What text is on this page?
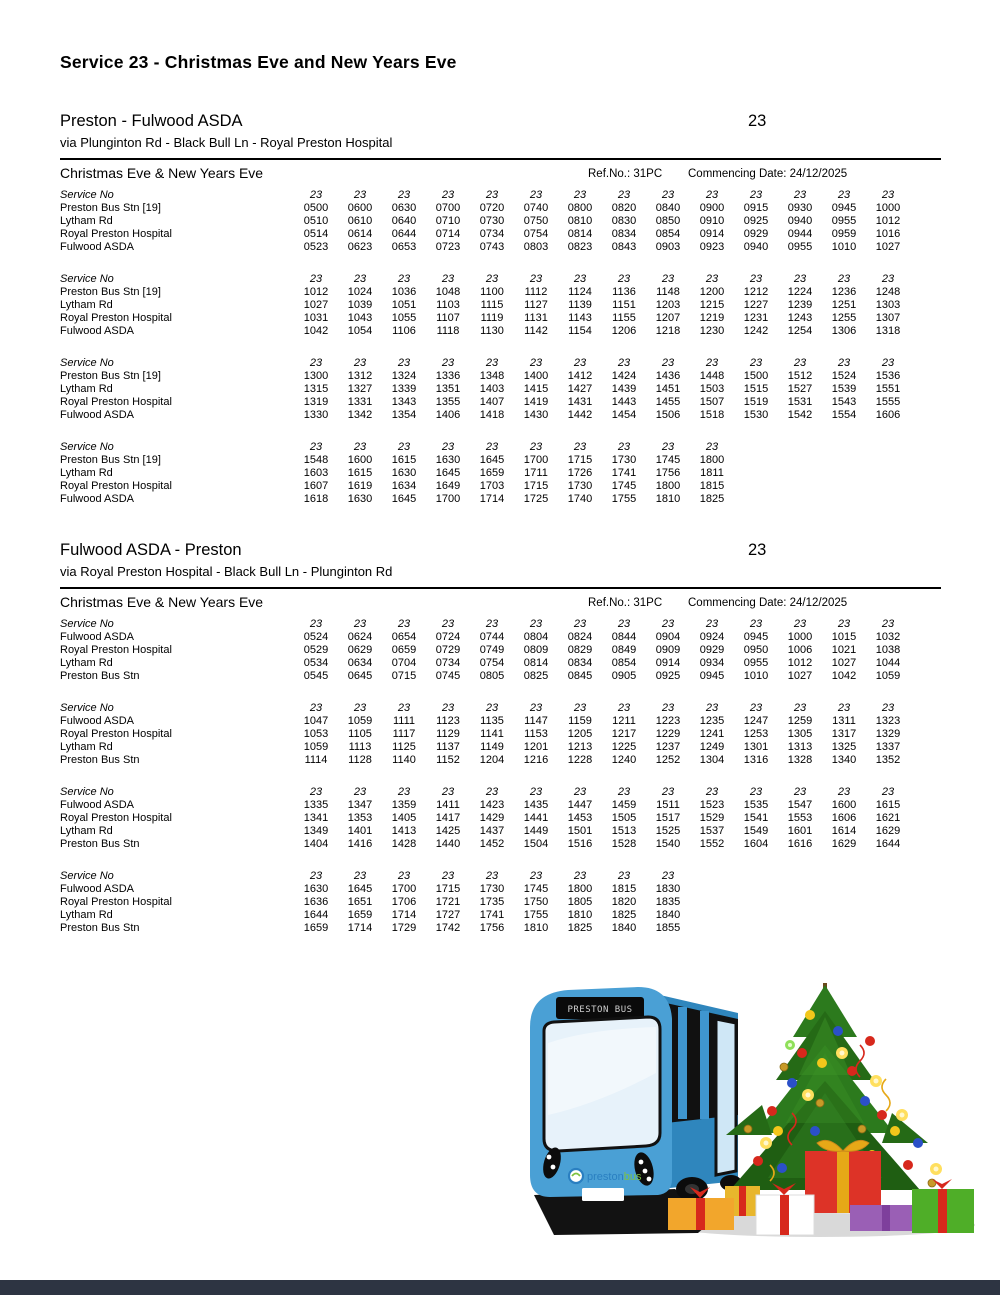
Service 23 - Christmas Eve and New Years Eve
Preston - Fulwood ASDA	23
via Plunginton Rd - Black Bull Ln - Royal Preston Hospital
Christmas Eve & New Years Eve	Ref.No.: 31PC Commencing Date: 24/12/2025
Service No	23	23	23	23	23	23	23	23	23	23	23	23	23	23	
Preston Bus Stn [19]	0500	0600	0630	0700	0720	0740	0800	0820	0840	0900	0915	0930	0945	1000	
Lytham Rd	0510	0610	0640	0710	0730	0750	0810	0830	0850	0910	0925	0940	0955	1012	
Royal Preston Hospital	0514	0614	0644	0714	0734	0754	0814	0834	0854	0914	0929	0944	0959	1016	
Fulwood ASDA	0523	0623	0653	0723	0743	0803	0823	0843	0903	0923	0940	0955	1010	1027	
Service No	23	23	23	23	23	23	23	23	23	23	23	23	23	23	
Preston Bus Stn [19]	1012	1024	1036	1048	1100	1112	1124	1136	1148	1200	1212	1224	1236	1248	
Lytham Rd	1027	1039	1051	1103	1115	1127	1139	1151	1203	1215	1227	1239	1251	1303	
Royal Preston Hospital	1031	1043	1055	1107	1119	1131	1143	1155	1207	1219	1231	1243	1255	1307	
Fulwood ASDA	1042	1054	1106	1118	1130	1142	1154	1206	1218	1230	1242	1254	1306	1318	
Service No	23	23	23	23	23	23	23	23	23	23	23	23	23	23	
Preston Bus Stn [19]	1300	1312	1324	1336	1348	1400	1412	1424	1436	1448	1500	1512	1524	1536	
Lytham Rd	1315	1327	1339	1351	1403	1415	1427	1439	1451	1503	1515	1527	1539	1551	
Royal Preston Hospital	1319	1331	1343	1355	1407	1419	1431	1443	1455	1507	1519	1531	1543	1555	
Fulwood ASDA	1330	1342	1354	1406	1418	1430	1442	1454	1506	1518	1530	1542	1554	1606	
Service No	23	23	23	23	23	23	23	23	23	23					
Preston Bus Stn [19]	1548	1600	1615	1630	1645	1700	1715	1730	1745	1800					
Lytham Rd	1603	1615	1630	1645	1659	1711	1726	1741	1756	1811					
Royal Preston Hospital	1607	1619	1634	1649	1703	1715	1730	1745	1800	1815					
Fulwood ASDA	1618	1630	1645	1700	1714	1725	1740	1755	1810	1825					
Fulwood ASDA - Preston	23
via Royal Preston Hospital - Black Bull Ln - Plunginton Rd
Christmas Eve & New Years Eve	Ref.No.: 31PC Commencing Date: 24/12/2025
Service No	23	23	23	23	23	23	23	23	23	23	23	23	23	23	
Fulwood ASDA	0524	0624	0654	0724	0744	0804	0824	0844	0904	0924	0945	1000	1015	1032	
Royal Preston Hospital	0529	0629	0659	0729	0749	0809	0829	0849	0909	0929	0950	1006	1021	1038	
Lytham Rd	0534	0634	0704	0734	0754	0814	0834	0854	0914	0934	0955	1012	1027	1044	
Preston Bus Stn	0545	0645	0715	0745	0805	0825	0845	0905	0925	0945	1010	1027	1042	1059	
Service No	23	23	23	23	23	23	23	23	23	23	23	23	23	23	
Fulwood ASDA	1047	1059	1111	1123	1135	1147	1159	1211	1223	1235	1247	1259	1311	1323	
Royal Preston Hospital	1053	1105	1117	1129	1141	1153	1205	1217	1229	1241	1253	1305	1317	1329	
Lytham Rd	1059	1113	1125	1137	1149	1201	1213	1225	1237	1249	1301	1313	1325	1337	
Preston Bus Stn	1114	1128	1140	1152	1204	1216	1228	1240	1252	1304	1316	1328	1340	1352	
Service No	23	23	23	23	23	23	23	23	23	23	23	23	23	23	
Fulwood ASDA	1335	1347	1359	1411	1423	1435	1447	1459	1511	1523	1535	1547	1600	1615	
Royal Preston Hospital	1341	1353	1405	1417	1429	1441	1453	1505	1517	1529	1541	1553	1606	1621	
Lytham Rd	1349	1401	1413	1425	1437	1449	1501	1513	1525	1537	1549	1601	1614	1629	
Preston Bus Stn	1404	1416	1428	1440	1452	1504	1516	1528	1540	1552	1604	1616	1629	1644	
Service No	23	23	23	23	23	23	23	23	23						
Fulwood ASDA	1630	1645	1700	1715	1730	1745	1800	1815	1830						
Royal Preston Hospital	1636	1651	1706	1721	1735	1750	1805	1820	1835						
Lytham Rd	1644	1659	1714	1727	1741	1755	1810	1825	1840						
Preston Bus Stn	1659	1714	1729	1742	1756	1810	1825	1840	1855						
PRESTON BUS
prestonbus
